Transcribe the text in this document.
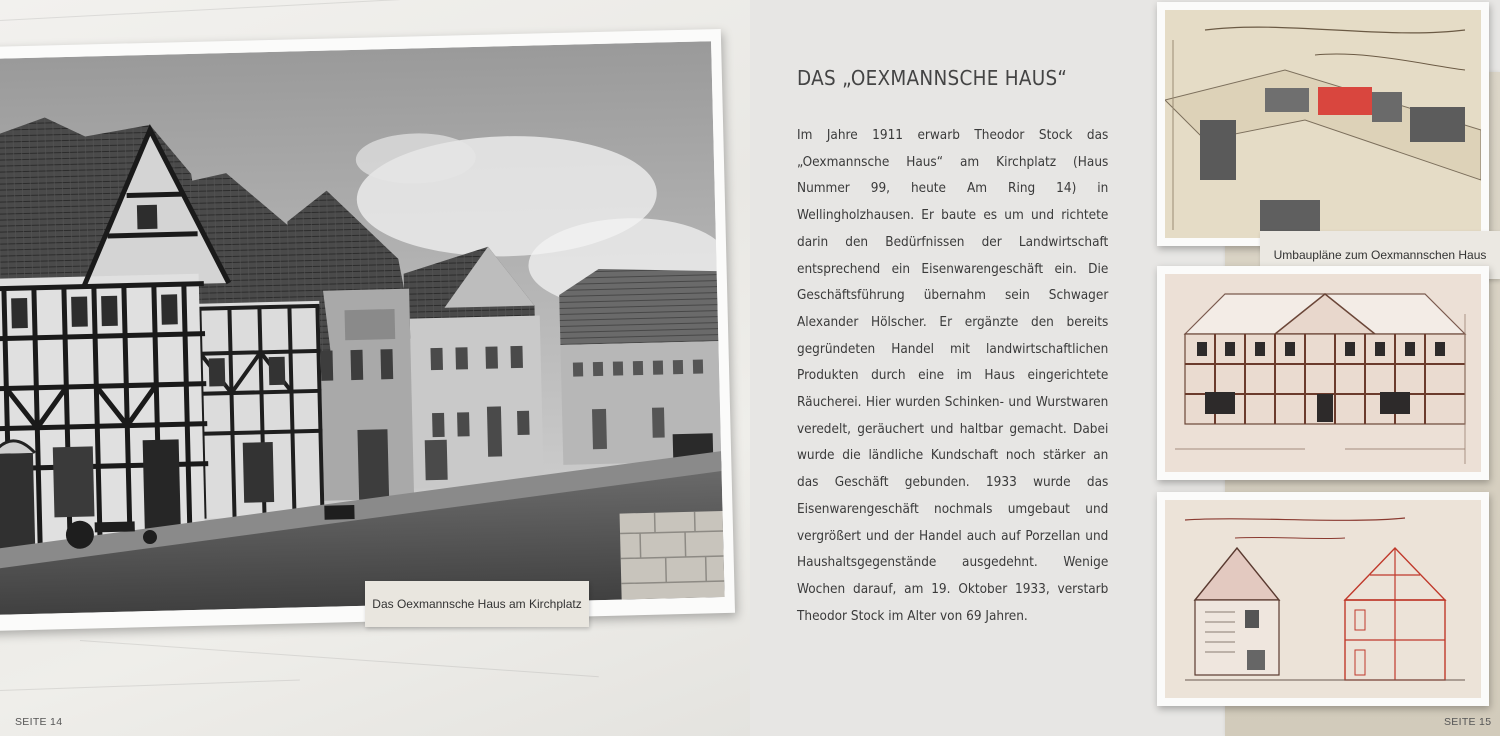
Das Oexmannsche Haus am Kirchplatz
SEITE 14
DAS „OEXMANNSCHE HAUS“
Im Jahre 1911 erwarb Theodor Stock das „Oexmannsche Haus“ am Kirchplatz (Haus Nummer 99, heute Am Ring 14) in Wellingholzhausen. Er baute es um und richtete darin den Bedürfnissen der Landwirtschaft entsprechend ein Eisenwarengeschäft ein. Die Geschäftsführung übernahm sein Schwager Alexander Hölscher. Er ergänzte den bereits gegründeten Handel mit landwirtschaftlichen Produkten durch eine im Haus eingerichtete Räucherei. Hier wurden Schinken- und Wurstwaren veredelt, geräuchert und haltbar gemacht. Dabei wurde die ländliche Kundschaft noch stärker an das Geschäft gebunden. 1933 wurde das Eisenwarengeschäft nochmals umgebaut und vergrößert und der Handel auch auf Porzellan und Haushaltsgegenstände ausgedehnt. Wenige Wochen darauf, am 19. Oktober 1933, verstarb Theodor Stock im Alter von 69 Jahren.
Umbaupläne zum Oexmannschen Haus
SEITE 15
